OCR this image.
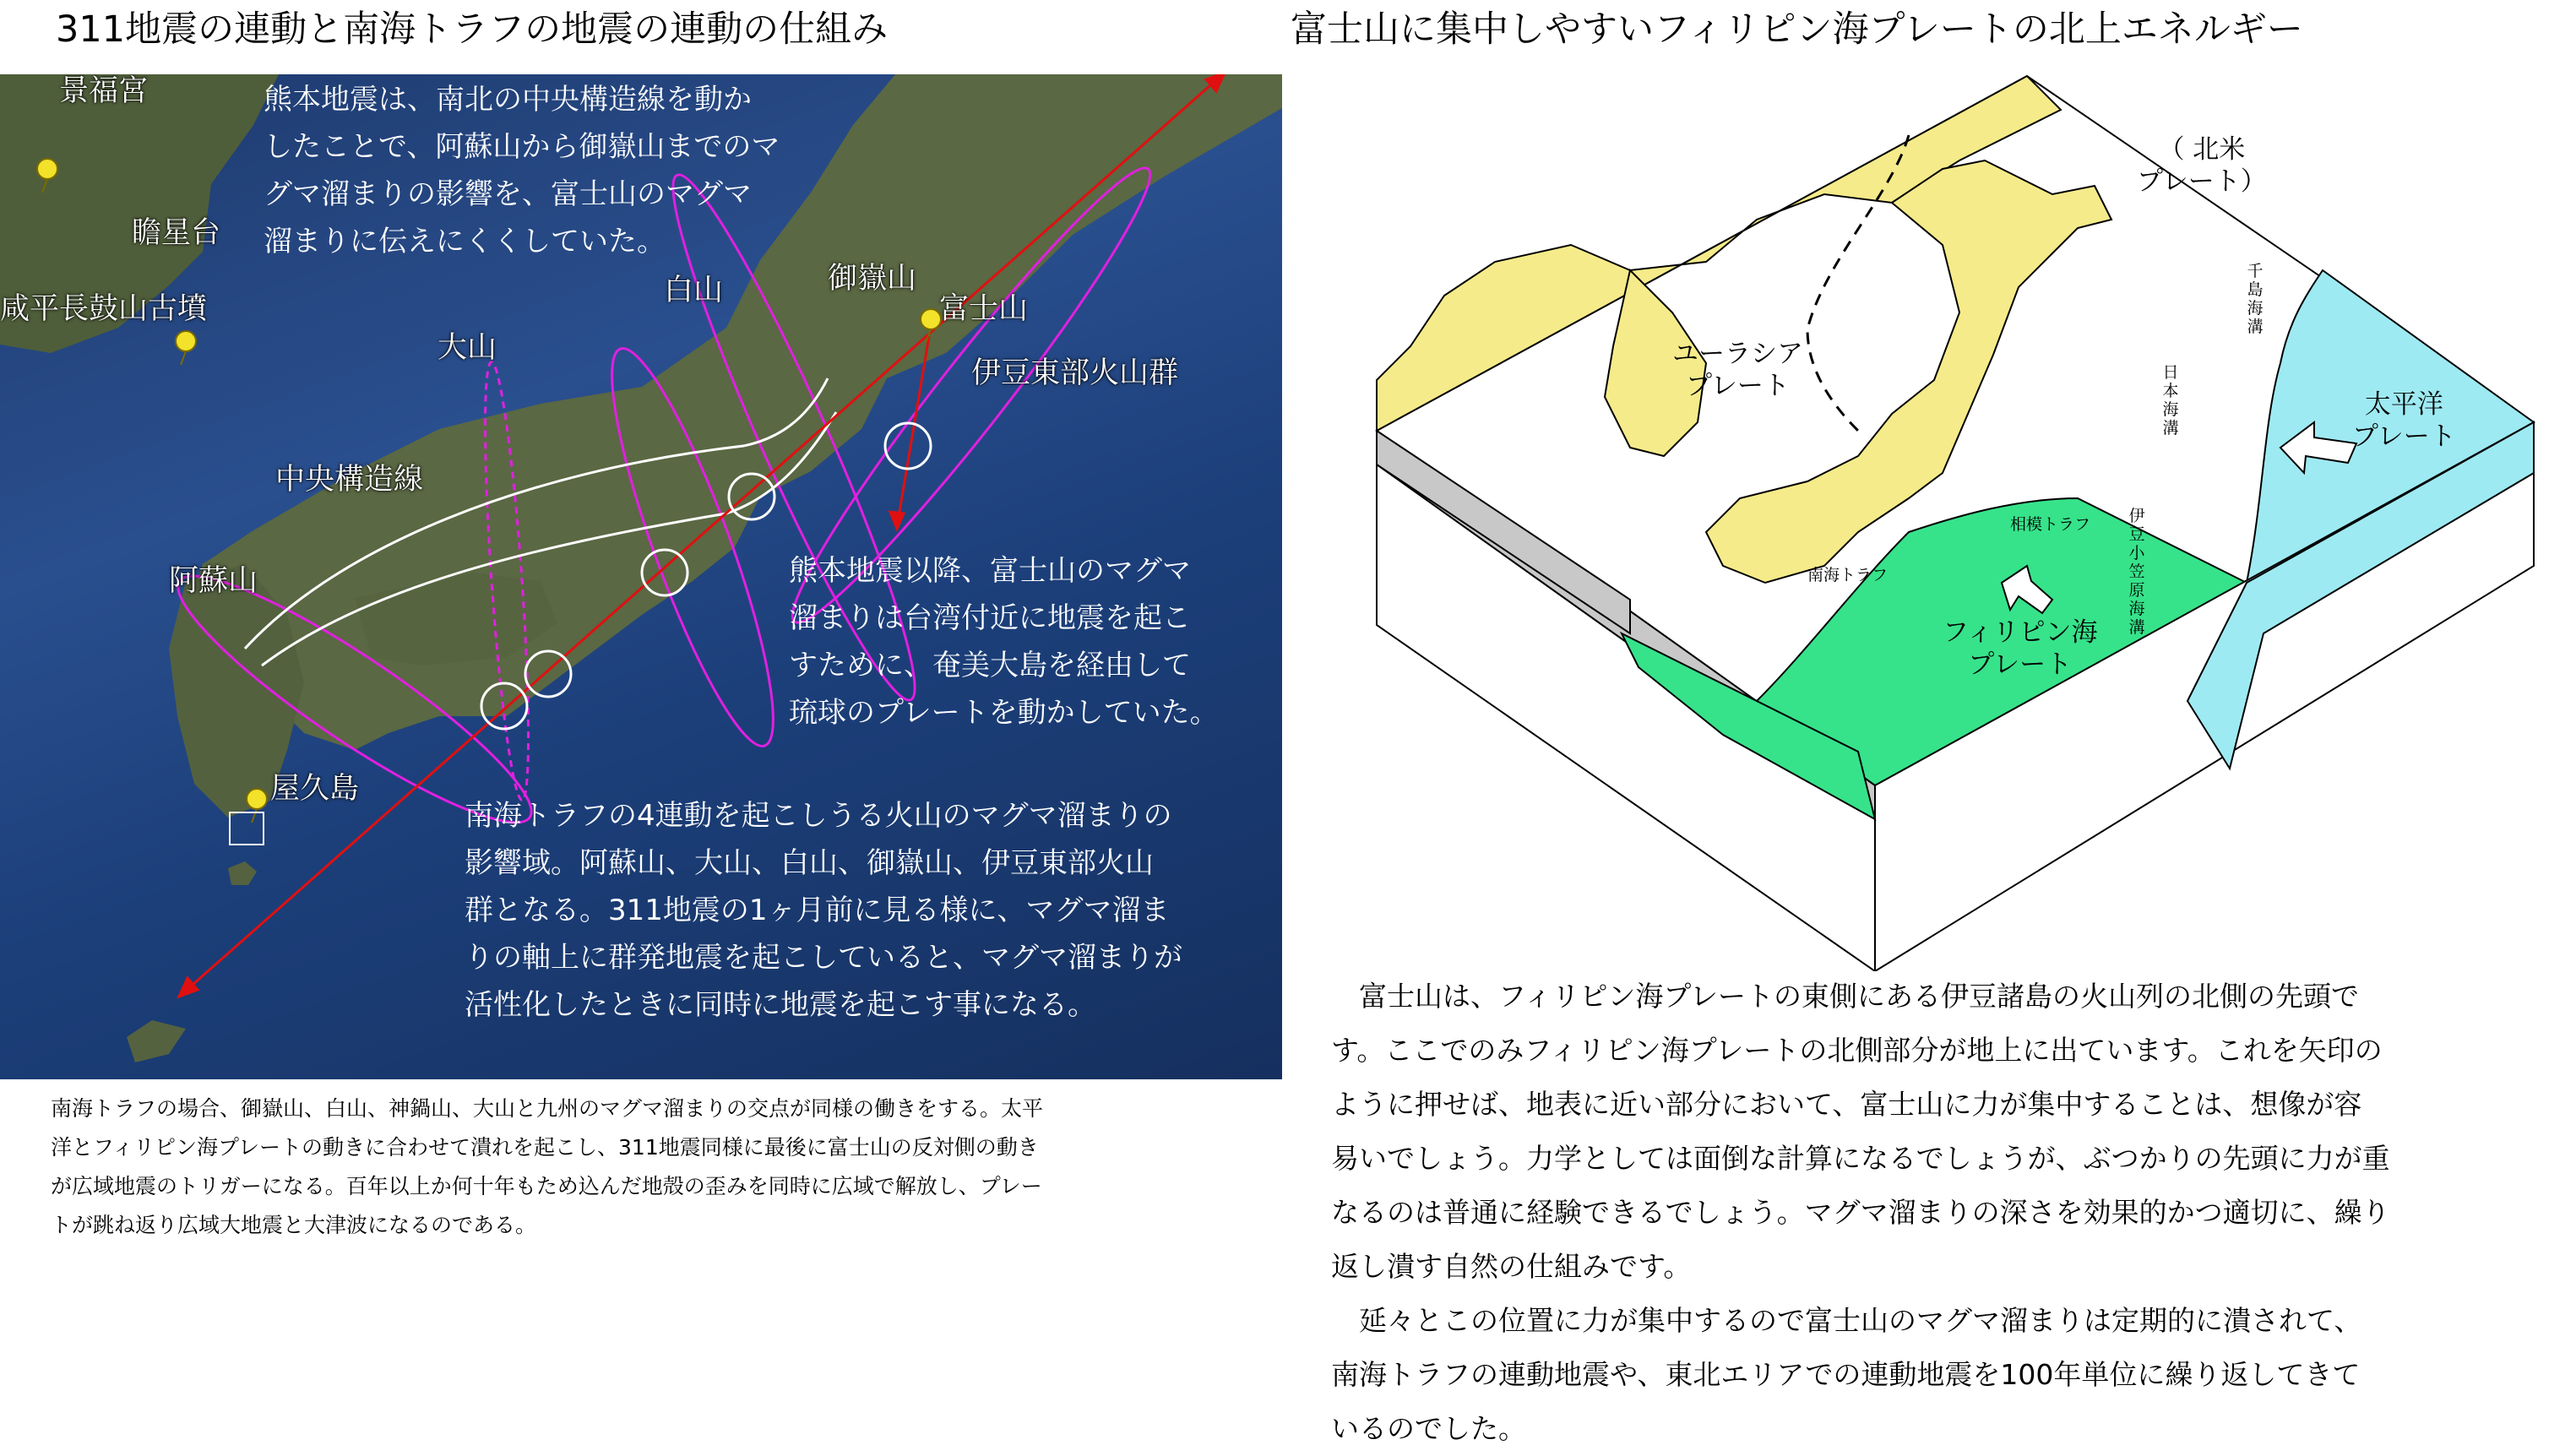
311地震の連動と南海トラフの地震の連動の仕組み	富士山に集中しやすいフィリピン海プレートの北上エネルギー
熊本地震は、南北の中央構造線を動か
したことで、阿蘇山から御嶽山までのマ
グマ溜まりの影響を、富士山のマグマ
溜まりに伝えにくくしていた。
熊本地震以降、富士山のマグマ
溜まりは台湾付近に地震を起こ
すために、奄美大島を経由して
琉球のプレートを動かしていた。
南海トラフの4連動を起こしうる火山のマグマ溜まりの
影響域。阿蘇山、大山、白山、御嶽山、伊豆東部火山
群となる。311地震の1ヶ月前に見る様に、マグマ溜ま
りの軸上に群発地震を起こしていると、マグマ溜まりが
活性化したときに同時に地震を起こす事になる。
景福宮
瞻星台
咸平長鼓山古墳
白山	御嶽山
富士山
大山
伊豆東部火山群
中央構造線
阿蘇山
屋久島
南海トラフの場合、御嶽山、白山、神鍋山、大山と九州のマグマ溜まりの交点が同様の働きをする。太平
洋とフィリピン海プレートの動きに合わせて潰れを起こし、311地震同様に最後に富士山の反対側の動き
が広域地震のトリガーになる。百年以上か何十年もため込んだ地殻の歪みを同時に広域で解放し、プレー
トが跳ね返り広域大地震と大津波になるのである。
（ 北米
プレート）
ユーラシア
プレート
太平洋
プレート
フィリピン海
プレート
千島海溝
日本海溝
伊豆小笠原海溝
相模トラフ
南海トラフ
　富士山は、フィリピン海プレートの東側にある伊豆諸島の火山列の北側の先頭で
す。ここでのみフィリピン海プレートの北側部分が地上に出ています。これを矢印の
ように押せば、地表に近い部分において、富士山に力が集中することは、想像が容
易いでしょう。力学としては面倒な計算になるでしょうが、ぶつかりの先頭に力が重
なるのは普通に経験できるでしょう。マグマ溜まりの深さを効果的かつ適切に、繰り
返し潰す自然の仕組みです。
　延々とこの位置に力が集中するので富士山のマグマ溜まりは定期的に潰されて、
南海トラフの連動地震や、東北エリアでの連動地震を100年単位に繰り返してきて
いるのでした。
